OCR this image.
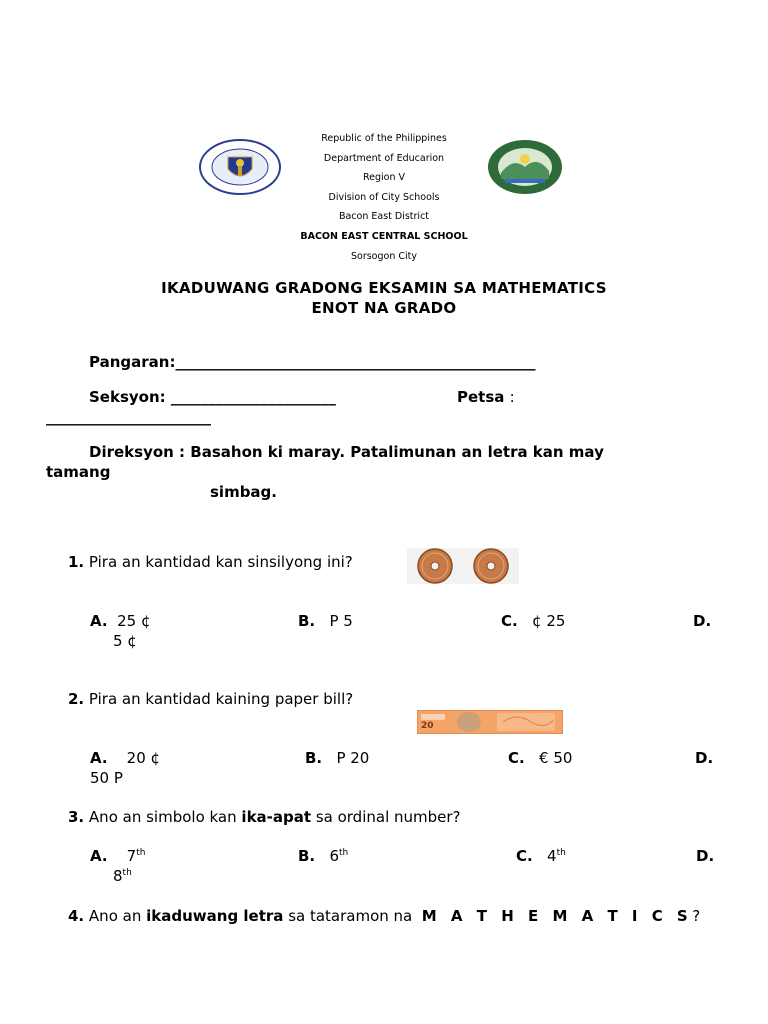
Republic of the Philippines
Department of Educarion
Region V
Division of City Schools
Bacon East District
BACON EAST CENTRAL SCHOOL
Sorsogon City
IKADUWANG GRADONG EKSAMIN SA MATHEMATICS
ENOT NA GRADO
Pangaran:________________________________________________
Seksyon: ______________________	Petsa :
______________________
Direksyon : Basahon ki maray. Patalimunan an letra kan may
tamang
simbag.
1. Pira an kantidad kan sinsilyong ini?
A. 25 ¢	B. P 5	C. ¢ 25	D.
5 ¢
2. Pira an kantidad kaining paper bill?
20
A. 20 ¢	B. P 20	C. € 50	D.
50 P
3. Ano an simbolo kan ika-apat sa ordinal number?
A. 7th	B. 6th	C. 4th	D.
8th
4. Ano an ikaduwang letra sa tataramon na M A T H E M A T I C S?
